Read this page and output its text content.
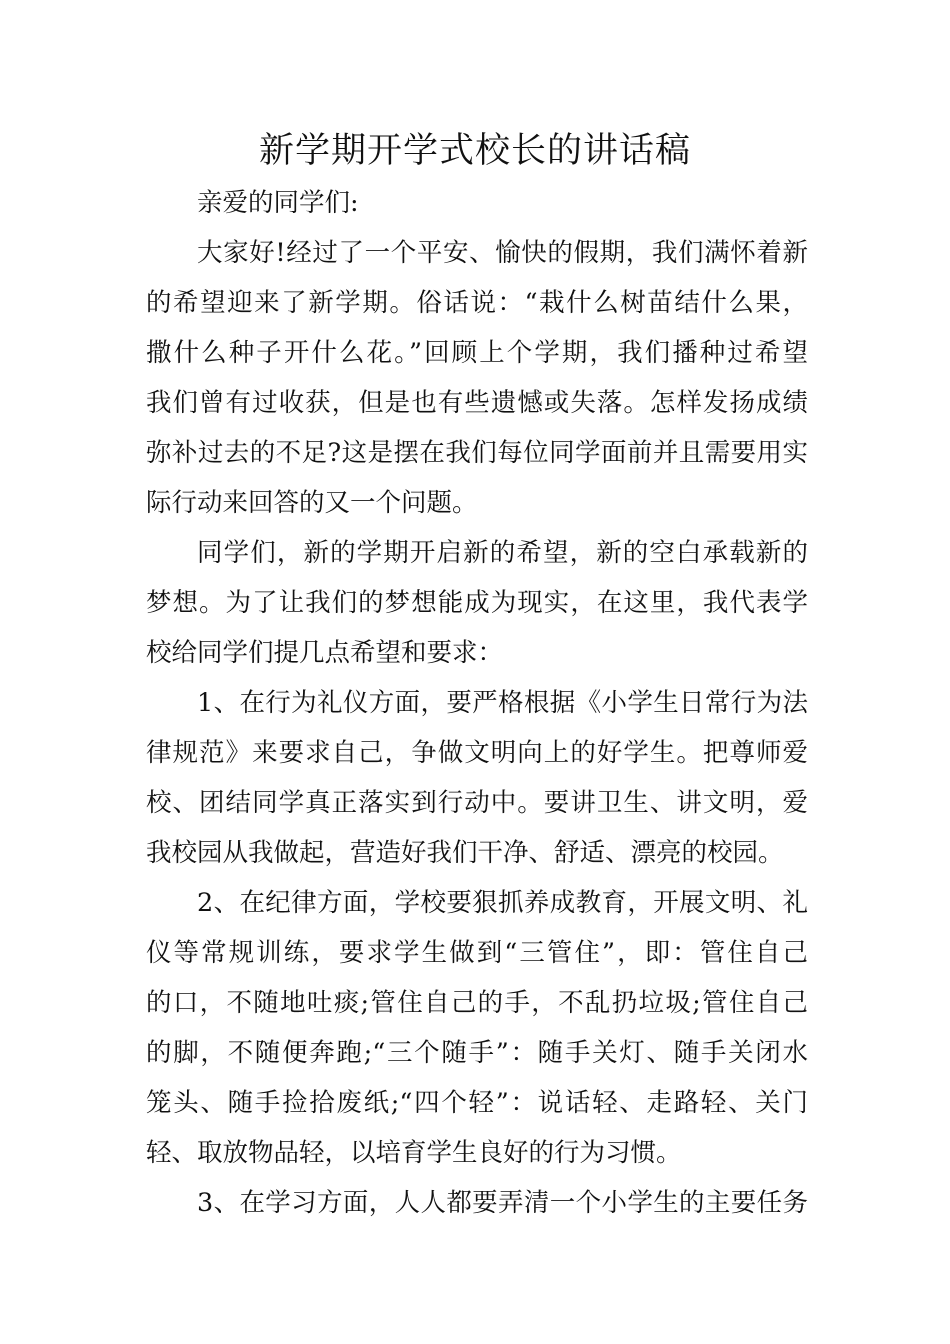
新学期开学式校长的讲话稿
亲爱的同学们:
大家好!经过了一个平安、愉快的假期，我们满怀着新
的希望迎来了新学期。俗话说：“栽什么树苗结什么果，
撒什么种子开什么花。”回顾上个学期，我们播种过希望
我们曾有过收获，但是也有些遗憾或失落。怎样发扬成绩
弥补过去的不足?这是摆在我们每位同学面前并且需要用实
际行动来回答的又一个问题。
同学们，新的学期开启新的希望，新的空白承载新的
梦想。为了让我们的梦想能成为现实，在这里，我代表学
校给同学们提几点希望和要求：
1、在行为礼仪方面，要严格根据《小学生日常行为法
律规范》来要求自己，争做文明向上的好学生。把尊师爱
校、团结同学真正落实到行动中。要讲卫生、讲文明，爱
我校园从我做起，营造好我们干净、舒适、漂亮的校园。
2、在纪律方面，学校要狠抓养成教育，开展文明、礼
仪等常规训练，要求学生做到“三管住”，即：管住自己
的口，不随地吐痰;管住自己的手，不乱扔垃圾;管住自己
的脚，不随便奔跑;“三个随手”：随手关灯、随手关闭水
笼头、随手捡拾废纸;“四个轻”：说话轻、走路轻、关门
轻、取放物品轻，以培育学生良好的行为习惯。
3、在学习方面，人人都要弄清一个小学生的主要任务
